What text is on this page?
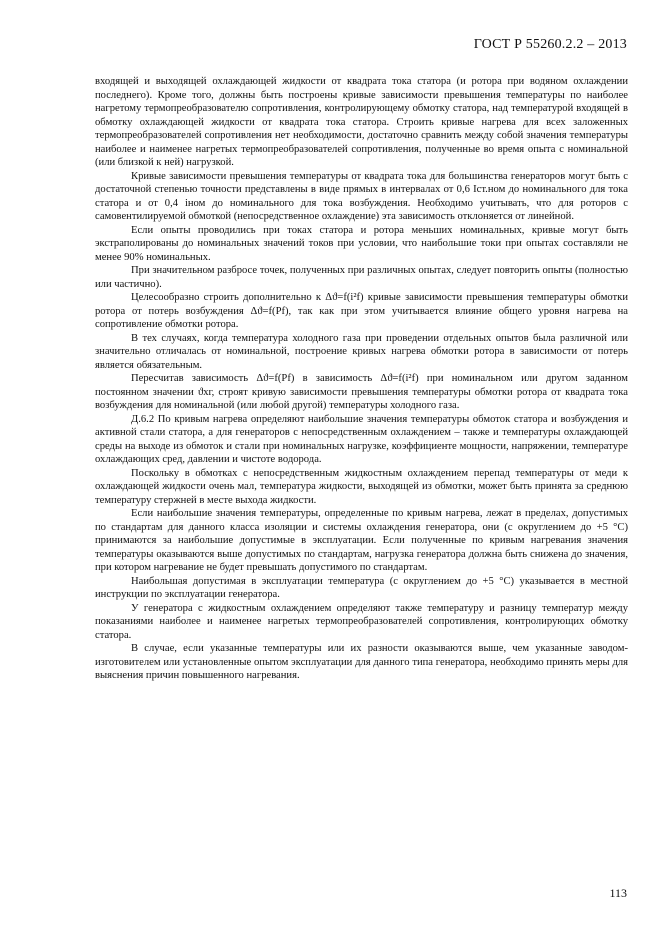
ГОСТ Р 55260.2.2 – 2013

входящей и выходящей охлаждающей жидкости от квадрата тока статора (и ротора при водяном охлаждении последнего). Кроме того, должны быть построены кривые зависимости превышения температуры по наиболее нагретому термопреобразователю сопротивления, контролирующему обмотку статора, над температурой входящей в обмотку охлаждающей жидкости от квадрата тока статора. Строить кривые нагрева для всех заложенных термопреобразователей сопротивления нет необходимости, достаточно сравнить между собой значения температуры наиболее и наименее нагретых термопреобразователей сопротивления, полученные во время опыта с номинальной (или близкой к ней) нагрузкой.

Кривые зависимости превышения температуры от квадрата тока для большинства генераторов могут быть с достаточной степенью точности представлены в виде прямых в интервалах от 0,6 Iст.ном до номинального для тока статора и от 0,4 iном до номинального для тока возбуждения. Необходимо учитывать, что для роторов с самовентилируемой обмоткой (непосредственное охлаждение) эта зависимость отклоняется от линейной.

Если опыты проводились при токах статора и ротора меньших номинальных, кривые могут быть экстраполированы до номинальных значений токов при условии, что наибольшие токи при опытах составляли не менее 90% номинальных.

При значительном разбросе точек, полученных при различных опытах, следует повторить опыты (полностью или частично).

Целесообразно строить дополнительно к Δϑ=f(i²f) кривые зависимости превышения температуры обмотки ротора от потерь возбуждения Δϑ=f(Pf), так как при этом учитывается влияние общего уровня нагрева на сопротивление обмотки ротора.

В тех случаях, когда температура холодного газа при проведении отдельных опытов была различной или значительно отличалась от номинальной, построение кривых нагрева обмотки ротора в зависимости от потерь является обязательным.

Пересчитав зависимость Δϑ=f(Pf) в зависимость Δϑ=f(i²f) при номинальном или другом заданном постоянном значении ϑхг, строят кривую зависимости превышения температуры обмотки ротора от квадрата тока возбуждения для номинальной (или любой другой) температуры холодного газа.

Д.6.2 По кривым нагрева определяют наибольшие значения температуры обмоток статора и возбуждения и активной стали статора, а для генераторов с непосредственным охлаждением – также и температуры охлаждающей среды на выходе из обмоток и стали при номинальных нагрузке, коэффициенте мощности, напряжении, температуре охлаждающих сред, давлении и чистоте водорода.

Поскольку в обмотках с непосредственным жидкостным охлаждением перепад температуры от меди к охлаждающей жидкости очень мал, температура жидкости, выходящей из обмотки, может быть принята за среднюю температуру стержней в месте выхода жидкости.

Если наибольшие значения температуры, определенные по кривым нагрева, лежат в пределах, допустимых по стандартам для данного класса изоляции и системы охлаждения генератора, они (с округлением до +5 °С) принимаются за наибольшие допустимые в эксплуатации. Если полученные по кривым нагревания значения температуры оказываются выше допустимых по стандартам, нагрузка генератора должна быть снижена до значения, при котором нагревание не будет превышать допустимого по стандартам.

Наибольшая допустимая в эксплуатации температура (с округлением до +5 °С) указывается в местной инструкции по эксплуатации генератора.

У генератора с жидкостным охлаждением определяют также температуру и разницу температур между показаниями наиболее и наименее нагретых термопреобразователей сопротивления, контролирующих обмотку статора.

В случае, если указанные температуры или их разности оказываются выше, чем указанные заводом-изготовителем или установленные опытом эксплуатации для данного типа генератора, необходимо принять меры для выяснения причин повышенного нагревания.

113
